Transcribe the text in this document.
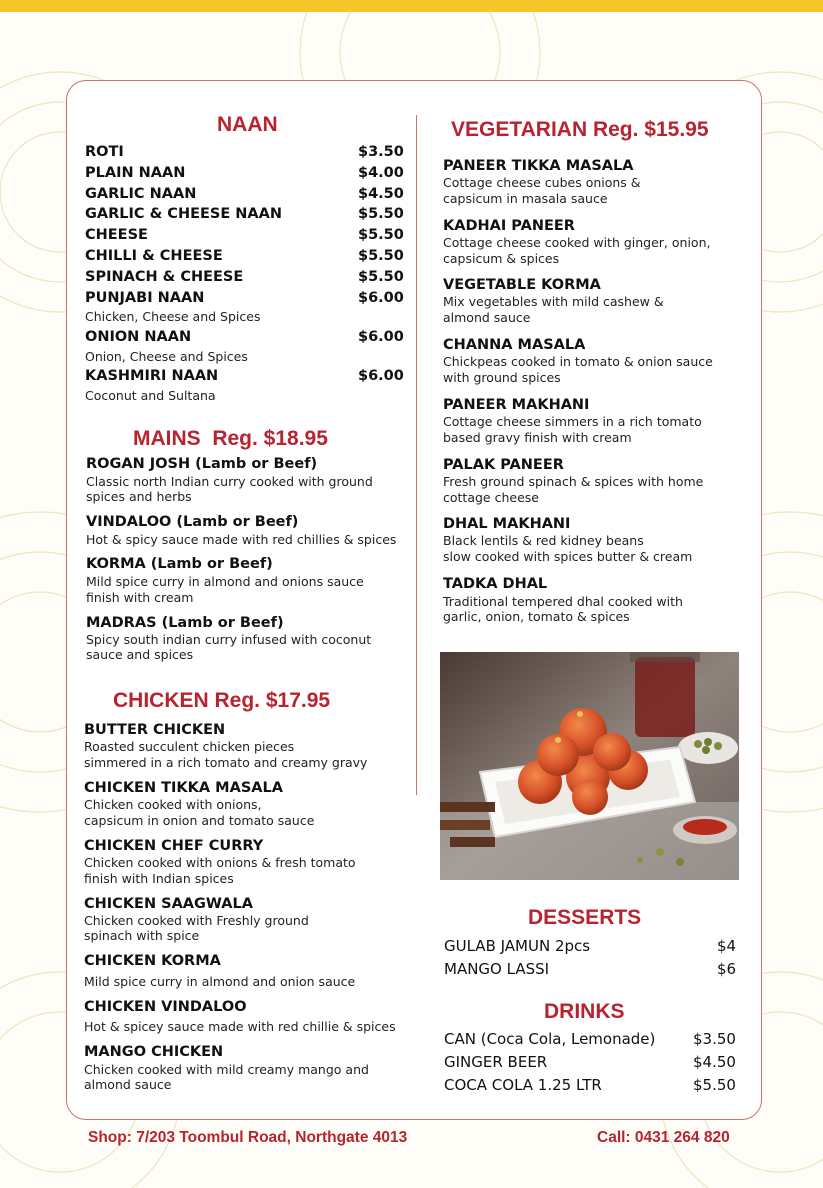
NAAN
ROTI	$3.50
PLAIN NAAN	$4.00
GARLIC NAAN	$4.50
GARLIC & CHEESE NAAN	$5.50
CHEESE	$5.50
CHILLI & CHEESE	$5.50
SPINACH & CHEESE	$5.50
PUNJABI NAAN	$6.00
Chicken, Cheese and Spices
ONION NAAN	$6.00
Onion, Cheese and Spices
KASHMIRI NAAN	$6.00
Coconut and Sultana
MAINS  Reg. $18.95
ROGAN JOSH (Lamb or Beef)
Classic north Indian curry cooked with ground
spices and herbs
VINDALOO (Lamb or Beef)
Hot & spicy sauce made with red chillies & spices
KORMA (Lamb or Beef)
Mild spice curry in almond and onions sauce
finish with cream
MADRAS (Lamb or Beef)
Spicy south indian curry infused with coconut
sauce and spices
CHICKEN Reg. $17.95
BUTTER CHICKEN
Roasted succulent chicken pieces
simmered in a rich tomato and creamy gravy
CHICKEN TIKKA MASALA
Chicken cooked with onions,
capsicum in onion and tomato sauce
CHICKEN CHEF CURRY
Chicken cooked with onions & fresh tomato
finish with Indian spices
CHICKEN SAAGWALA
Chicken cooked with Freshly ground
spinach with spice
CHICKEN KORMA
Mild spice curry in almond and onion sauce
CHICKEN VINDALOO
Hot & spicey sauce made with red chillie & spices
MANGO CHICKEN
Chicken cooked with mild creamy mango and
almond sauce
VEGETARIAN Reg. $15.95
PANEER TIKKA MASALA
Cottage cheese cubes onions &
capsicum in masala sauce
KADHAI PANEER
Cottage cheese cooked with ginger, onion,
capsicum & spices
VEGETABLE KORMA
Mix vegetables with mild cashew &
almond sauce
CHANNA MASALA
Chickpeas cooked in tomato & onion sauce
with ground spices
PANEER MAKHANI
Cottage cheese simmers in a rich tomato
based gravy finish with cream
PALAK PANEER
Fresh ground spinach & spices with home
cottage cheese
DHAL MAKHANI
Black lentils & red kidney beans
slow cooked with spices butter & cream
TADKA DHAL
Traditional tempered dhal cooked with
garlic, onion, tomato & spices
DESSERTS
GULAB JAMUN 2pcs	$4
MANGO LASSI	$6
DRINKS
CAN (Coca Cola, Lemonade)	$3.50
GINGER BEER	$4.50
COCA COLA 1.25 LTR	$5.50
Shop: 7/203 Toombul Road, Northgate 4013	Call: 0431 264 820
